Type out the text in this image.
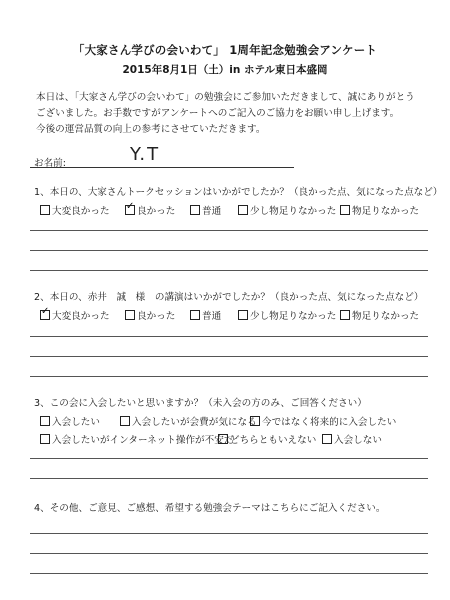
「大家さん学びの会いわて」 1周年記念勉強会アンケート
2015年8月1日（土）in ホテル東日本盛岡
本日は、「大家さん学びの会いわて」の勉強会にご参加いただきまして、誠にありがとう
ございました。お手数ですがアンケートへのご記入のご協力をお願い申し上げます。
今後の運営品質の向上の参考にさせていただきます。
お名前:	Y.T
1、本日の、大家さんトークセッションはいかがでしたか？（良かった点、気になった点など）
大変良かった ✓ 良かった	普通	少し物足りなかった 物足りなかった
2、本日の、赤井　誠　様　の講演はいかがでしたか？（良かった点、気になった点など）
✓ 大変良かった	良かった	普通	少し物足りなかった 物足りなかった
3、この会に入会したいと思いますか？（未入会の方のみ、ご回答ください）
入会したい	入会したいが会費が気になる 今ではなく将来的に入会したい
入会したいがインターネット操作が不安だ
どちらともいえない 入会しない
4、その他、ご意見、ご感想、希望する勉強会テーマはこちらにご記入ください。
